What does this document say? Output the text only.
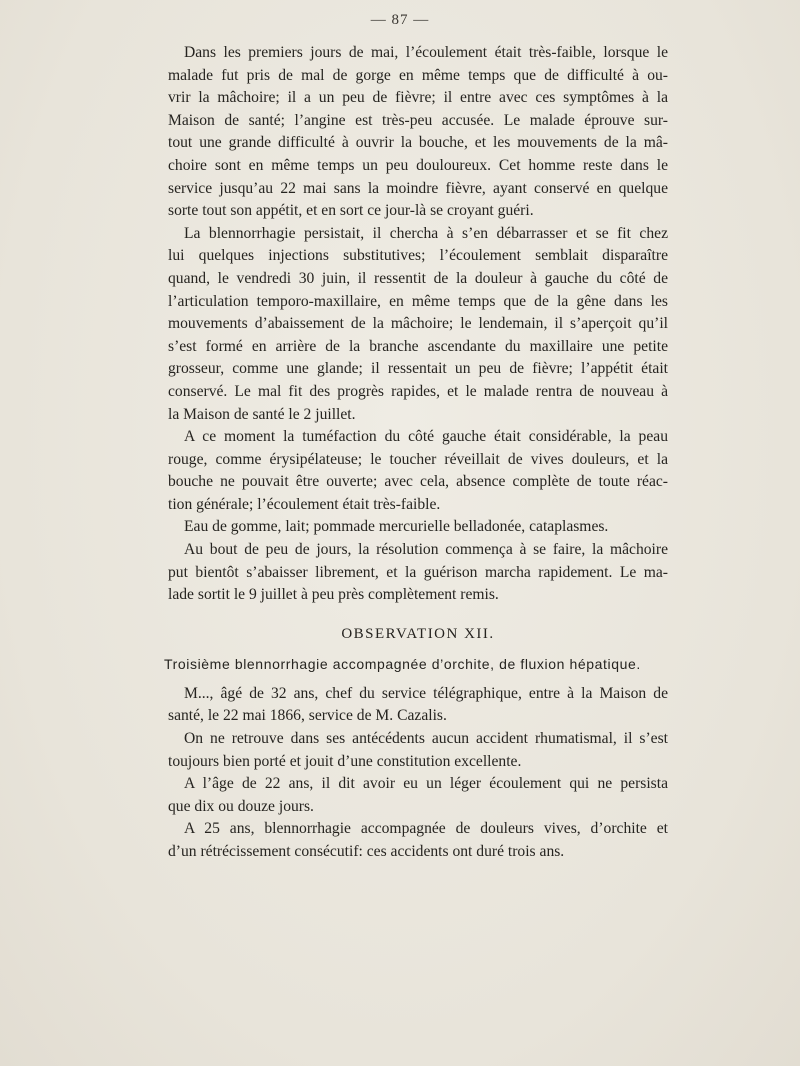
— 87 —

Dans les premiers jours de mai, l’écoulement était très-faible, lorsque le
malade fut pris de mal de gorge en même temps que de difficulté à ou-
vrir la mâchoire; il a un peu de fièvre; il entre avec ces symptômes à la
Maison de santé; l’angine est très-peu accusée. Le malade éprouve sur-
tout une grande difficulté à ouvrir la bouche, et les mouvements de la mâ-
choire sont en même temps un peu douloureux. Cet homme reste dans le
service jusqu’au 22 mai sans la moindre fièvre, ayant conservé en quelque
sorte tout son appétit, et en sort ce jour-là se croyant guéri.

La blennorrhagie persistait, il chercha à s’en débarrasser et se fit chez
lui quelques injections substitutives; l’écoulement semblait disparaître
quand, le vendredi 30 juin, il ressentit de la douleur à gauche du côté de
l’articulation temporo-maxillaire, en même temps que de la gêne dans les
mouvements d’abaissement de la mâchoire; le lendemain, il s’aperçoit qu’il
s’est formé en arrière de la branche ascendante du maxillaire une petite
grosseur, comme une glande; il ressentait un peu de fièvre; l’appétit était
conservé. Le mal fit des progrès rapides, et le malade rentra de nouveau à
la Maison de santé le 2 juillet.

A ce moment la tuméfaction du côté gauche était considérable, la peau
rouge, comme érysipélateuse; le toucher réveillait de vives douleurs, et la
bouche ne pouvait être ouverte; avec cela, absence complète de toute réac-
tion générale; l’écoulement était très-faible.

Eau de gomme, lait; pommade mercurielle belladonée, cataplasmes.

Au bout de peu de jours, la résolution commença à se faire, la mâchoire
put bientôt s’abaisser librement, et la guérison marcha rapidement. Le ma-
lade sortit le 9 juillet à peu près complètement remis.

OBSERVATION XII.
Troisième blennorrhagie accompagnée d’orchite, de fluxion hépatique.

M..., âgé de 32 ans, chef du service télégraphique, entre à la Maison de
santé, le 22 mai 1866, service de M. Cazalis.

On ne retrouve dans ses antécédents aucun accident rhumatismal, il s’est
toujours bien porté et jouit d’une constitution excellente.

A l’âge de 22 ans, il dit avoir eu un léger écoulement qui ne persista
que dix ou douze jours.

A 25 ans, blennorrhagie accompagnée de douleurs vives, d’orchite et
d’un rétrécissement consécutif: ces accidents ont duré trois ans.
